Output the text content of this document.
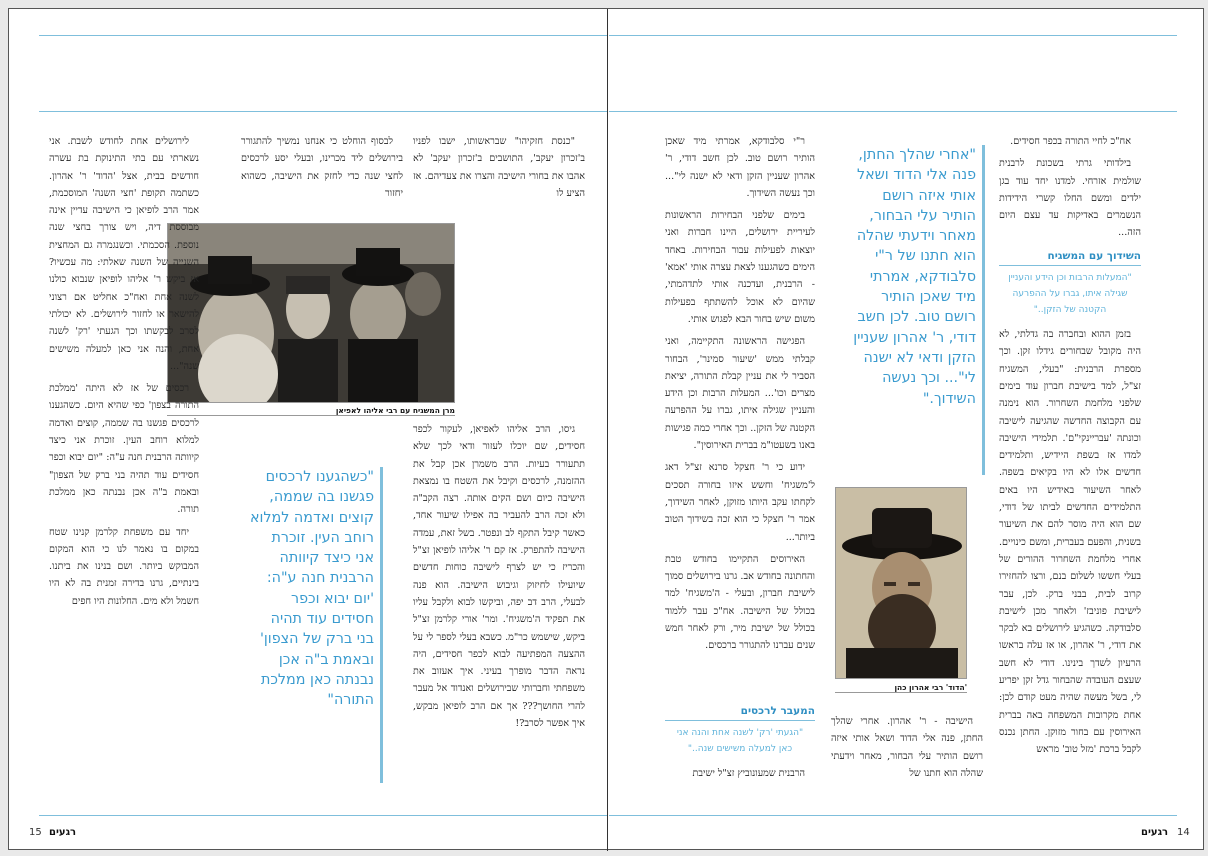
"כנסת חזקיהו" שבראשותו, ישבו לפניו ב'זכרון יעקב', התושבים ב'זכרון יעקב' לא אהבו את בחורי הישיבה והצרו את צעדיהם. אז הציע לו

לבסוף הוחלט כי אנחנו נמשיך להתגורר בירושלים ליד מכרינו, ובעלי יסע לרכסים לחצי שנה כדי לחזק את הישיבה, כשהוא יחזור

מרן המשגיח עם רבי אליהו לאפיאן

גיסו, הרב אליהו לאפיאן, לעקור לכפר חסידים, שם יוכלו לעזור ודאי לכך שלא תתעורר בעיות. הרב משמרן אכן קבל את ההזמנה, לרכסים וקיבל את השטח בו נמצאת הישיבה כיום ושם הקים אותה. רצה הקב"ה ולא זכה הרב להעביר בה אפילו שיעור אחד, כאשר קיבל התקף לב ונפטר. בשל זאת, עמדה הישיבה להתפרק. אז קם ר' אליהו לופיאן זצ"ל והכריז כי יש לצרף לישיבה כוחות חדשים שיועילו לחיזוק וגיבוש הישיבה. הוא פנה לבעלי, הרב דב יפה, וביקשו לבוא ולקבל עליו את תפקיד ה'משגיח'. ומר' אורי קלרמן זצ"ל ביקש, שישמש כר"מ. כשבא בעלי לספר לי על ההצעה המפתיעה לבוא לכפר חסידים, היה נראה הדבר מופרך בעיני. איך אעזוב את משפחתי וחברותי שבירושלים ואנדוד אל מעבר להרי החושך??? אך אם הרב לופיאן מבקש, איך אפשר לסרב?!

"כשהגענו לרכסים פגשנו בה שממה, קוצים ואדמה למלוא רוחב העין. זוכרת אני כיצד קיוותה הרבנית חנה ע"ה: 'יום יבוא וכפר חסידים עוד תהיה בני ברק של הצפון' ובאמת ב"ה אכן נבנתה כאן ממלכת התורה"

לירושלים אחת לחודש לשבת. אני נשארתי עם בתי התינוקת בת עשרה חודשים בבית, אצל 'הדוד' ר' אהרון. כשתמה תקופת 'חצי השנה' המוסכמת, אמר הרב לופיאן כי הישיבה עדיין אינה מבוססת דיה, ויש צורך בחצי שנה נוספת. הסכמתי. וכשנגמרה גם המחצית השנייה של השנה שאלתי: מה עכשיו? אז ביקש ר' אליהו לופיאן שנבוא כולנו לשנה אחת ואח"כ אחליט אם רצוני להישאר או לחזור לירושלים. לא יכולתי לסרב לבקשתו וכך הגעתי 'רק' לשנה אחת, והנה אני כאן למעלה משישים שנה"...

רכסים של אז לא היתה 'ממלכת התורה בצפון' כפי שהיא היום. כשהגענו לרכסים פגשנו בה שממה, קוצים ואדמה למלוא רוחב העין. זוכרת אני כיצד קיוותה הרבנית חנה ע"ה: "יום יבוא וכפר חסידים עוד תהיה בני ברק של הצפון" ובאמת ב"ה אכן נבנתה כאן ממלכת תורה.

יחד עם משפחת קלרמן קנינו שטח במקום בו נאמר לנו כי הוא המקום המבוקש ביותר. ושם בנינו את ביתנו. בינתיים, גרנו בדירה זמנית בה לא היו חשמל ולא מים. החלונות היו חפים

אח"כ לחיי התורה בכפר חסידים.

בילדותי גרתי בשכונת לרבנית שולמית אזרחי. למדנו יחד עוד בגן ילדים ומשם החלו קשרי הידידות הנשמרים באדיקות עד עצם היום הזה...

השידוך עם המשגיח
"המעלות הרבות וכן הידע והעניין שגילה איתו, גברו על ההפרעה הקטנה של הזקן.."

בזמן ההוא ובחברה בה גדלתי, לא היה מקובל שבחורים גידלו זקן. וכך מספרת הרבנית: "בעלי, המשגיח זצ"ל, למד בישיבת חברון עוד בימים שלפני מלחמת השחרור. הוא נימנה עם הקבוצה החדשה שהגיעה לישיבה וכונתה 'עבריינקי"ם'. תלמידי הישיבה למדו אז בשפת היידיש, ותלמידים חדשים אלו לא היו בקיאים בשפה. לאחר השיעור באידיש היו באים התלמידים החדשים לביתו של דודי, שם הוא היה מוסר להם את השיעור בשנית, והפעם בעברית, ומשם כינויים. אחרי מלחמת השחרור ההורים של בעלי חששו לשלום בנם, ורצו להחזירו קרוב לבית, בבני ברק. לכן, עבר לישיבת פוניבז' ולאחר מכן לישיבת סלבודקה. כשהגיע לירושלים בא לבקר את דודי, ר' אהרון, או אז עלה בראשו הרעיון לשדך בינינו. דודי לא חשב שעצם העובדה שהבחור גדל זקן יפריע לי, בשל מעשה שהיה מעט קודם לכן: אחת מקרובות המשפחה באה בברית האירוסין עם בחור מזוקן. החתן נכנס לקבל ברכת 'מזל טוב' מראש

"אחרי שהלך החתן, פנה אלי הדוד ושאל אותי איזה רושם הותיר עלי הבחור, מאחר וידעתי שהלה הוא חתנו של ר"י סלבודקא, אמרתי מיד שאכן הותיר רושם טוב. לכן חשב דודי, ר' אהרון שעניין הזקן ודאי לא ישנה לי"... וכך נעשה השידוך."
'הדוד' רבי אהרון כהן

הישיבה - ר' אהרון. אחרי שהלך החתן, פנה אלי הדוד ושאל אותי איזה רושם הותיר עלי הבחור, מאחר וידעתי שהלה הוא חתנו של

ר"י סלבודקא, אמרתי מיד שאכן הותיר רושם טוב. לכן חשב דודי, ר' אהרון שעניין הזקן ודאי לא ישנה לי"... וכך נעשה השידוך.

בימים שלפני הבחירות הראשונות לעיריית ירושלים, היינו חברות ואני יוצאות לפעילות עבור הבחירות. באחד הימים כשהגענו לצאת עצרה אותי 'אמא' - הרבנית, ועדכנה אותי לתדהמתי, שהיום לא אוכל להשתתף בפעילות משום שיש בחור הבא לפגוש אותי.

הפגישה הראשונה התקיימה, ואני קבלתי ממש 'שיעור סמינר', הבחור הסביר לי את עניין קבלת התורה, יציאת מצרים וכו'... המעלות הרבות וכן הידע והעניין שגילה איתו, גברו על ההפרעה הקטנה של הזקן.. וכך אחרי כמה פגישות באנו בשעטו"מ בברית האירוסין".

ידוע כי ר' חצקל סרנא זצ"ל דאג ל'משגיח' וחשש איזו בחורה תסכים לקחתו עקב היותו מזוקן, לאחר השידוך, אמר ר' חצקל כי הוא זכה בשידוך הטוב ביותר...

האירוסים התקיימו בחודש טבת והחתונה בחודש אב. גרנו בירושלים סמוך לישיבת חברון, ובעלי - ה'משגיח' למד בכולל של הישיבה. אח"כ עבר ללמוד בכולל של ישיבת מיר, ורק לאחר חמש שנים עברנו להתגורר ברכסים.

המעבר לרכסים
"הגעתי 'רק' לשנה אחת והנה אני כאן למעלה משישים שנה.."

הרבנית שמעונוביץ זצ"ל ישיבת

15 רגעים	רגעים 14
